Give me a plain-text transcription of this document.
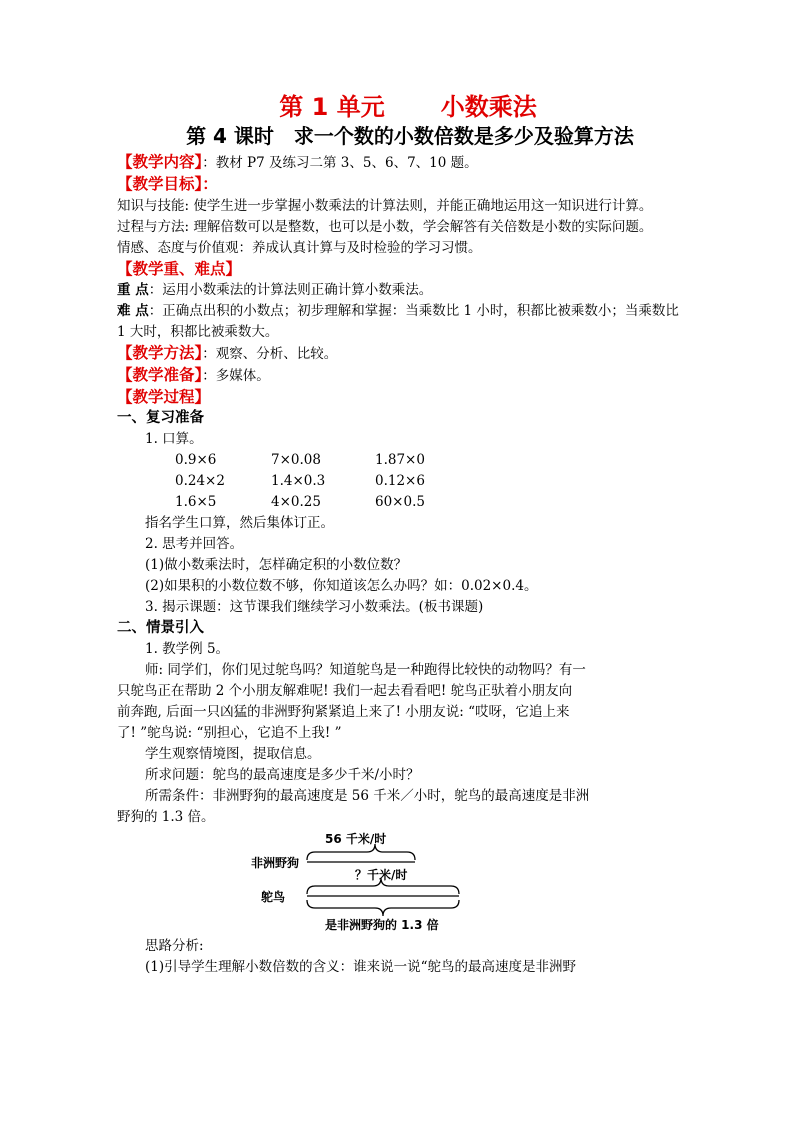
第 1 单元 小数乘法
第 4 课时　求一个数的小数倍数是多少及验算方法
【教学内容】：教材 P7 及练习二第 3、5、6、7、10 题。
【教学目标】：
知识与技能: 使学生进一步掌握小数乘法的计算法则，并能正确地运用这一知识进行计算。
过程与方法: 理解倍数可以是整数，也可以是小数，学会解答有关倍数是小数的实际问题。
情感、态度与价值观：养成认真计算与及时检验的学习习惯。
【教学重、难点】
重 点：运用小数乘法的计算法则正确计算小数乘法。
难 点：正确点出积的小数点；初步理解和掌握：当乘数比 1 小时，积都比被乘数小；当乘数比 1 大时，积都比被乘数大。
【教学方法】：观察、分析、比较。
【教学准备】：多媒体。
【教学过程】
一、复习准备
1. 口算。
0.9×6	7×0.08	1.87×0
0.24×2	1.4×0.3	0.12×6
1.6×5	4×0.25	60×0.5
指名学生口算，然后集体订正。
2. 思考并回答。
(1)做小数乘法时，怎样确定积的小数位数？
(2)如果积的小数位数不够，你知道该怎么办吗？如：0.02×0.4。
3. 揭示课题：这节课我们继续学习小数乘法。(板书课题)
二、情景引入
1. 教学例 5。
师: 同学们，你们见过鸵鸟吗？知道鸵鸟是一种跑得比较快的动物吗？有一
只鸵鸟正在帮助 2 个小朋友解难呢! 我们一起去看看吧! 鸵鸟正驮着小朋友向
前奔跑, 后面一只凶猛的非洲野狗紧紧追上来了! 小朋友说: “哎呀，它追上来
了! ”鸵鸟说: “别担心，它追不上我! ”
学生观察情境图，提取信息。
所求问题：鸵鸟的最高速度是多少千米/小时？
所需条件：非洲野狗的最高速度是 56 千米／小时，鸵鸟的最高速度是非洲
野狗的 1.3 倍。
56 千米/时
非洲野狗
？千米/时
鸵鸟
是非洲野狗的 1.3 倍
思路分析:
(1)引导学生理解小数倍数的含义：谁来说一说“鸵鸟的最高速度是非洲野
